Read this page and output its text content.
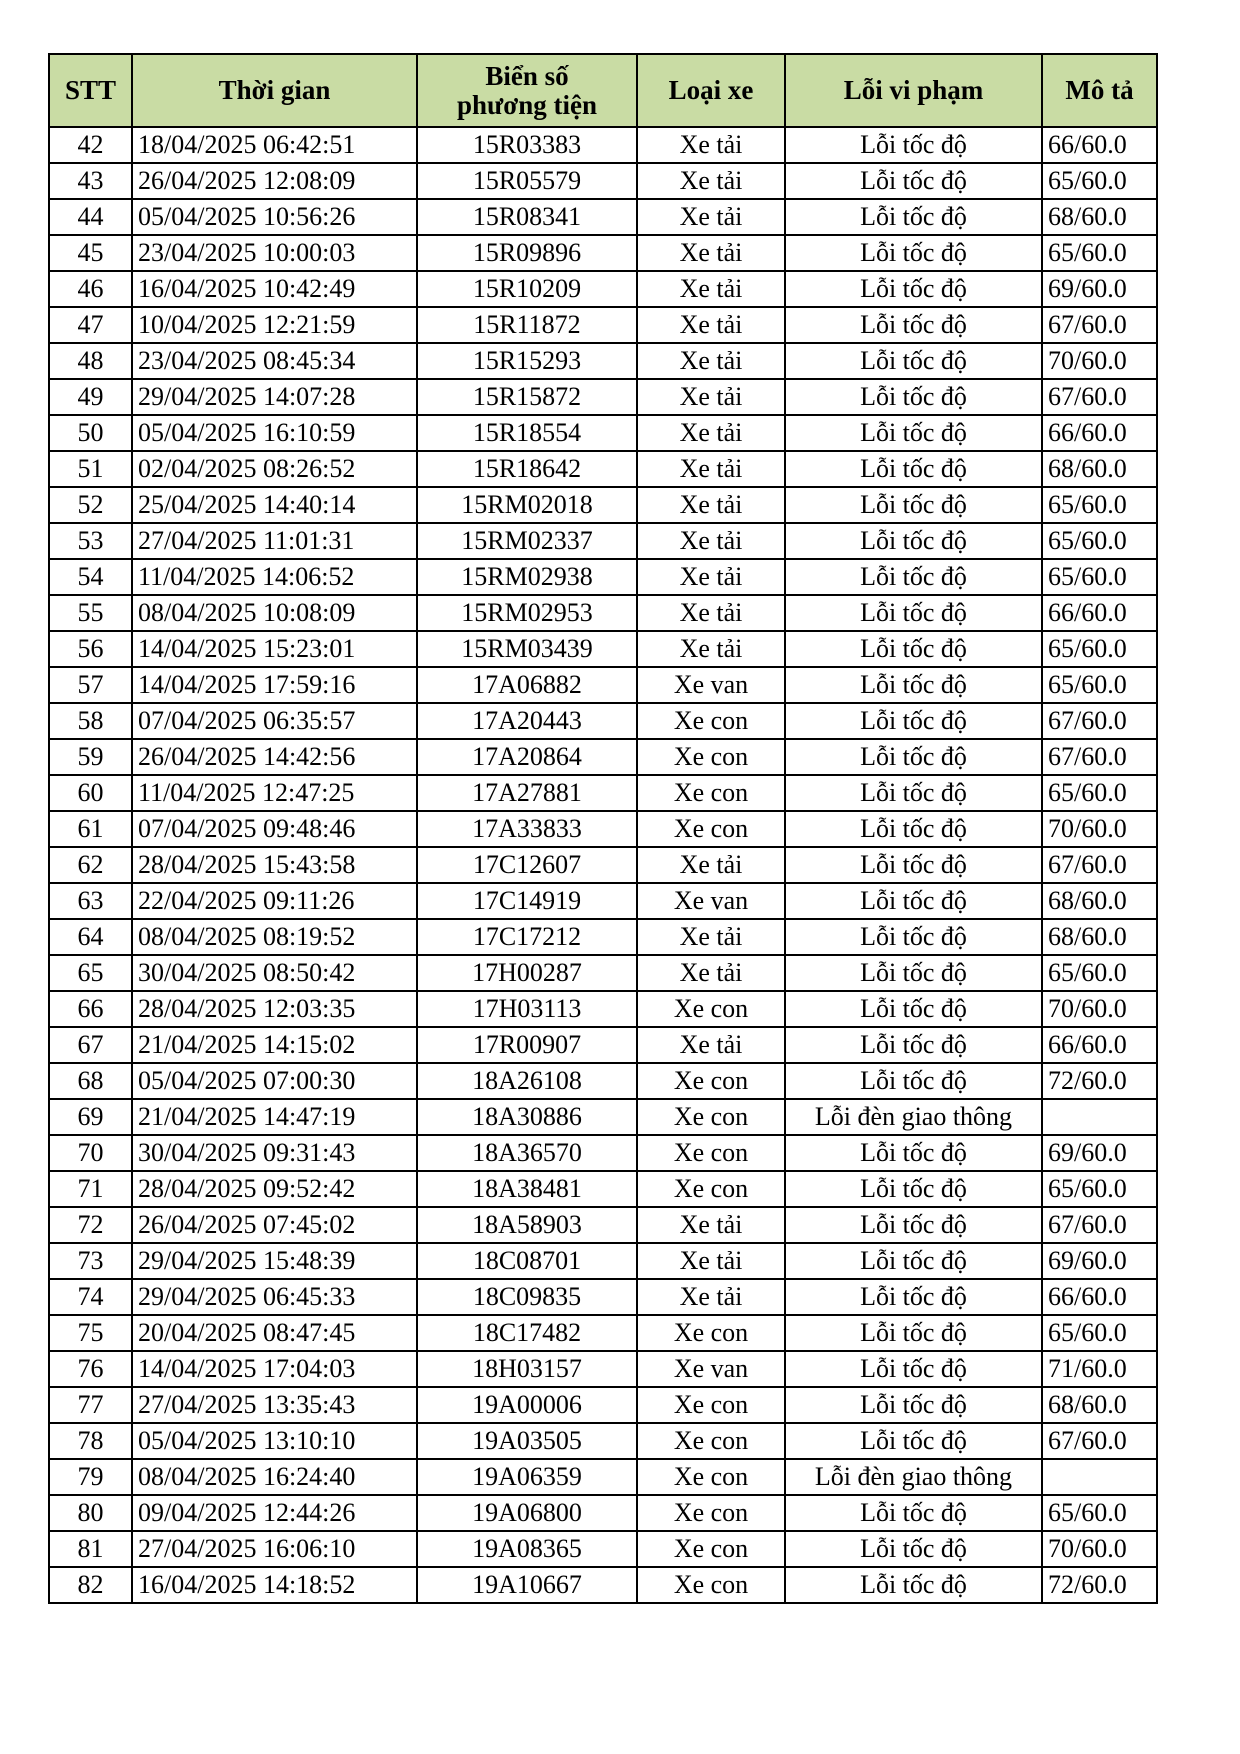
STT	Thời gian	Biển số
phương tiện	Loại xe	Lỗi vi phạm	Mô tả
42	18/04/2025 06:42:51	15R03383	Xe tải	Lỗi tốc độ	66/60.0
43	26/04/2025 12:08:09	15R05579	Xe tải	Lỗi tốc độ	65/60.0
44	05/04/2025 10:56:26	15R08341	Xe tải	Lỗi tốc độ	68/60.0
45	23/04/2025 10:00:03	15R09896	Xe tải	Lỗi tốc độ	65/60.0
46	16/04/2025 10:42:49	15R10209	Xe tải	Lỗi tốc độ	69/60.0
47	10/04/2025 12:21:59	15R11872	Xe tải	Lỗi tốc độ	67/60.0
48	23/04/2025 08:45:34	15R15293	Xe tải	Lỗi tốc độ	70/60.0
49	29/04/2025 14:07:28	15R15872	Xe tải	Lỗi tốc độ	67/60.0
50	05/04/2025 16:10:59	15R18554	Xe tải	Lỗi tốc độ	66/60.0
51	02/04/2025 08:26:52	15R18642	Xe tải	Lỗi tốc độ	68/60.0
52	25/04/2025 14:40:14	15RM02018	Xe tải	Lỗi tốc độ	65/60.0
53	27/04/2025 11:01:31	15RM02337	Xe tải	Lỗi tốc độ	65/60.0
54	11/04/2025 14:06:52	15RM02938	Xe tải	Lỗi tốc độ	65/60.0
55	08/04/2025 10:08:09	15RM02953	Xe tải	Lỗi tốc độ	66/60.0
56	14/04/2025 15:23:01	15RM03439	Xe tải	Lỗi tốc độ	65/60.0
57	14/04/2025 17:59:16	17A06882	Xe van	Lỗi tốc độ	65/60.0
58	07/04/2025 06:35:57	17A20443	Xe con	Lỗi tốc độ	67/60.0
59	26/04/2025 14:42:56	17A20864	Xe con	Lỗi tốc độ	67/60.0
60	11/04/2025 12:47:25	17A27881	Xe con	Lỗi tốc độ	65/60.0
61	07/04/2025 09:48:46	17A33833	Xe con	Lỗi tốc độ	70/60.0
62	28/04/2025 15:43:58	17C12607	Xe tải	Lỗi tốc độ	67/60.0
63	22/04/2025 09:11:26	17C14919	Xe van	Lỗi tốc độ	68/60.0
64	08/04/2025 08:19:52	17C17212	Xe tải	Lỗi tốc độ	68/60.0
65	30/04/2025 08:50:42	17H00287	Xe tải	Lỗi tốc độ	65/60.0
66	28/04/2025 12:03:35	17H03113	Xe con	Lỗi tốc độ	70/60.0
67	21/04/2025 14:15:02	17R00907	Xe tải	Lỗi tốc độ	66/60.0
68	05/04/2025 07:00:30	18A26108	Xe con	Lỗi tốc độ	72/60.0
69	21/04/2025 14:47:19	18A30886	Xe con	Lỗi đèn giao thông	
70	30/04/2025 09:31:43	18A36570	Xe con	Lỗi tốc độ	69/60.0
71	28/04/2025 09:52:42	18A38481	Xe con	Lỗi tốc độ	65/60.0
72	26/04/2025 07:45:02	18A58903	Xe tải	Lỗi tốc độ	67/60.0
73	29/04/2025 15:48:39	18C08701	Xe tải	Lỗi tốc độ	69/60.0
74	29/04/2025 06:45:33	18C09835	Xe tải	Lỗi tốc độ	66/60.0
75	20/04/2025 08:47:45	18C17482	Xe con	Lỗi tốc độ	65/60.0
76	14/04/2025 17:04:03	18H03157	Xe van	Lỗi tốc độ	71/60.0
77	27/04/2025 13:35:43	19A00006	Xe con	Lỗi tốc độ	68/60.0
78	05/04/2025 13:10:10	19A03505	Xe con	Lỗi tốc độ	67/60.0
79	08/04/2025 16:24:40	19A06359	Xe con	Lỗi đèn giao thông	
80	09/04/2025 12:44:26	19A06800	Xe con	Lỗi tốc độ	65/60.0
81	27/04/2025 16:06:10	19A08365	Xe con	Lỗi tốc độ	70/60.0
82	16/04/2025 14:18:52	19A10667	Xe con	Lỗi tốc độ	72/60.0
